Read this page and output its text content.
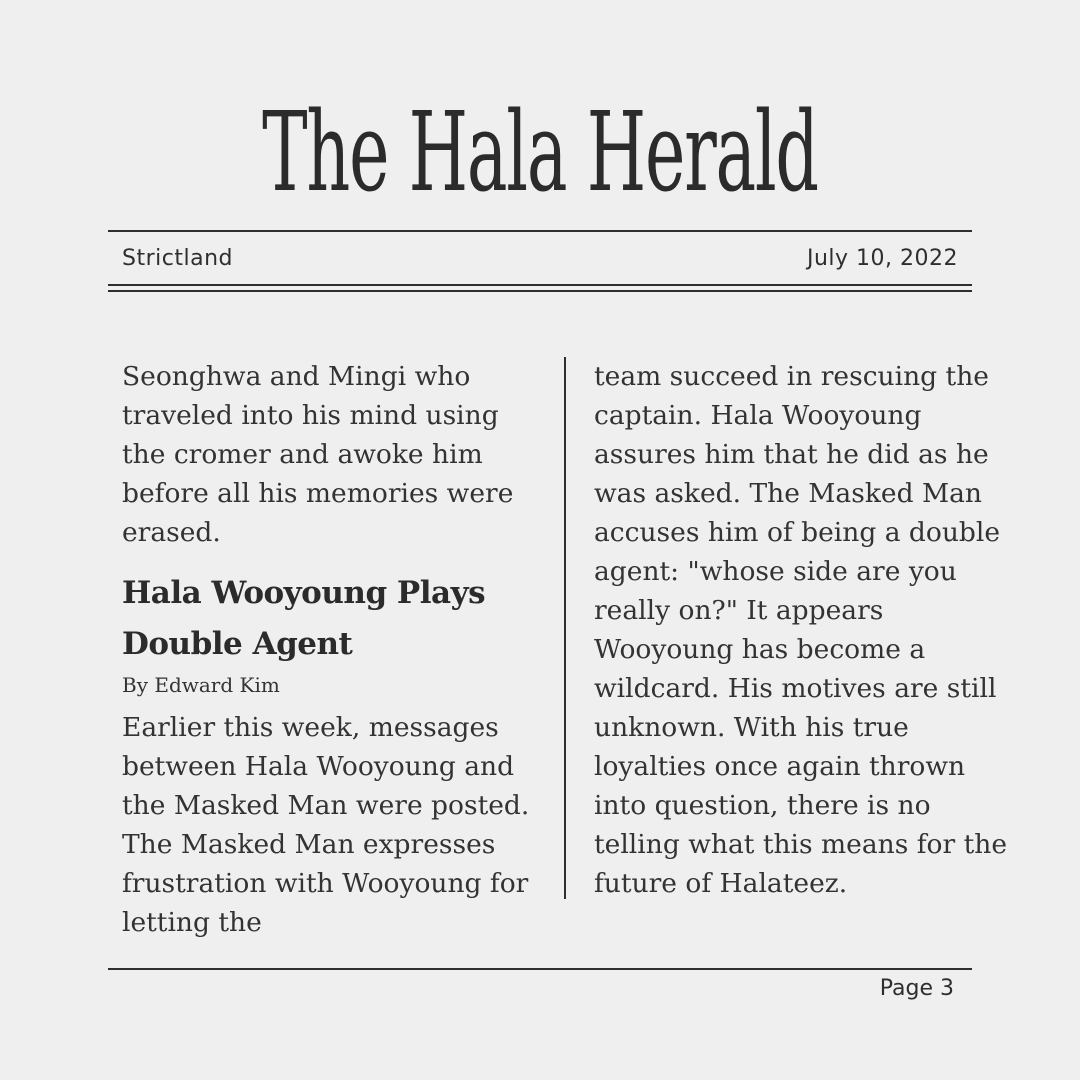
The Hala Herald
Strictland	July 10, 2022

Seonghwa and Mingi who traveled into his mind using the cromer and awoke him before all his memories were erased.

Hala Wooyoung Plays Double Agent

By Edward Kim

Earlier this week, messages between Hala Wooyoung and the Masked Man were posted. The Masked Man expresses frustration with Wooyoung for letting the

team succeed in rescuing the captain. Hala Wooyoung assures him that he did as he was asked. The Masked Man accuses him of being a double agent: "whose side are you really on?" It appears Wooyoung has become a wildcard. His motives are still unknown. With his true loyalties once again thrown into question, there is no telling what this means for the future of Halateez.

Page 3
